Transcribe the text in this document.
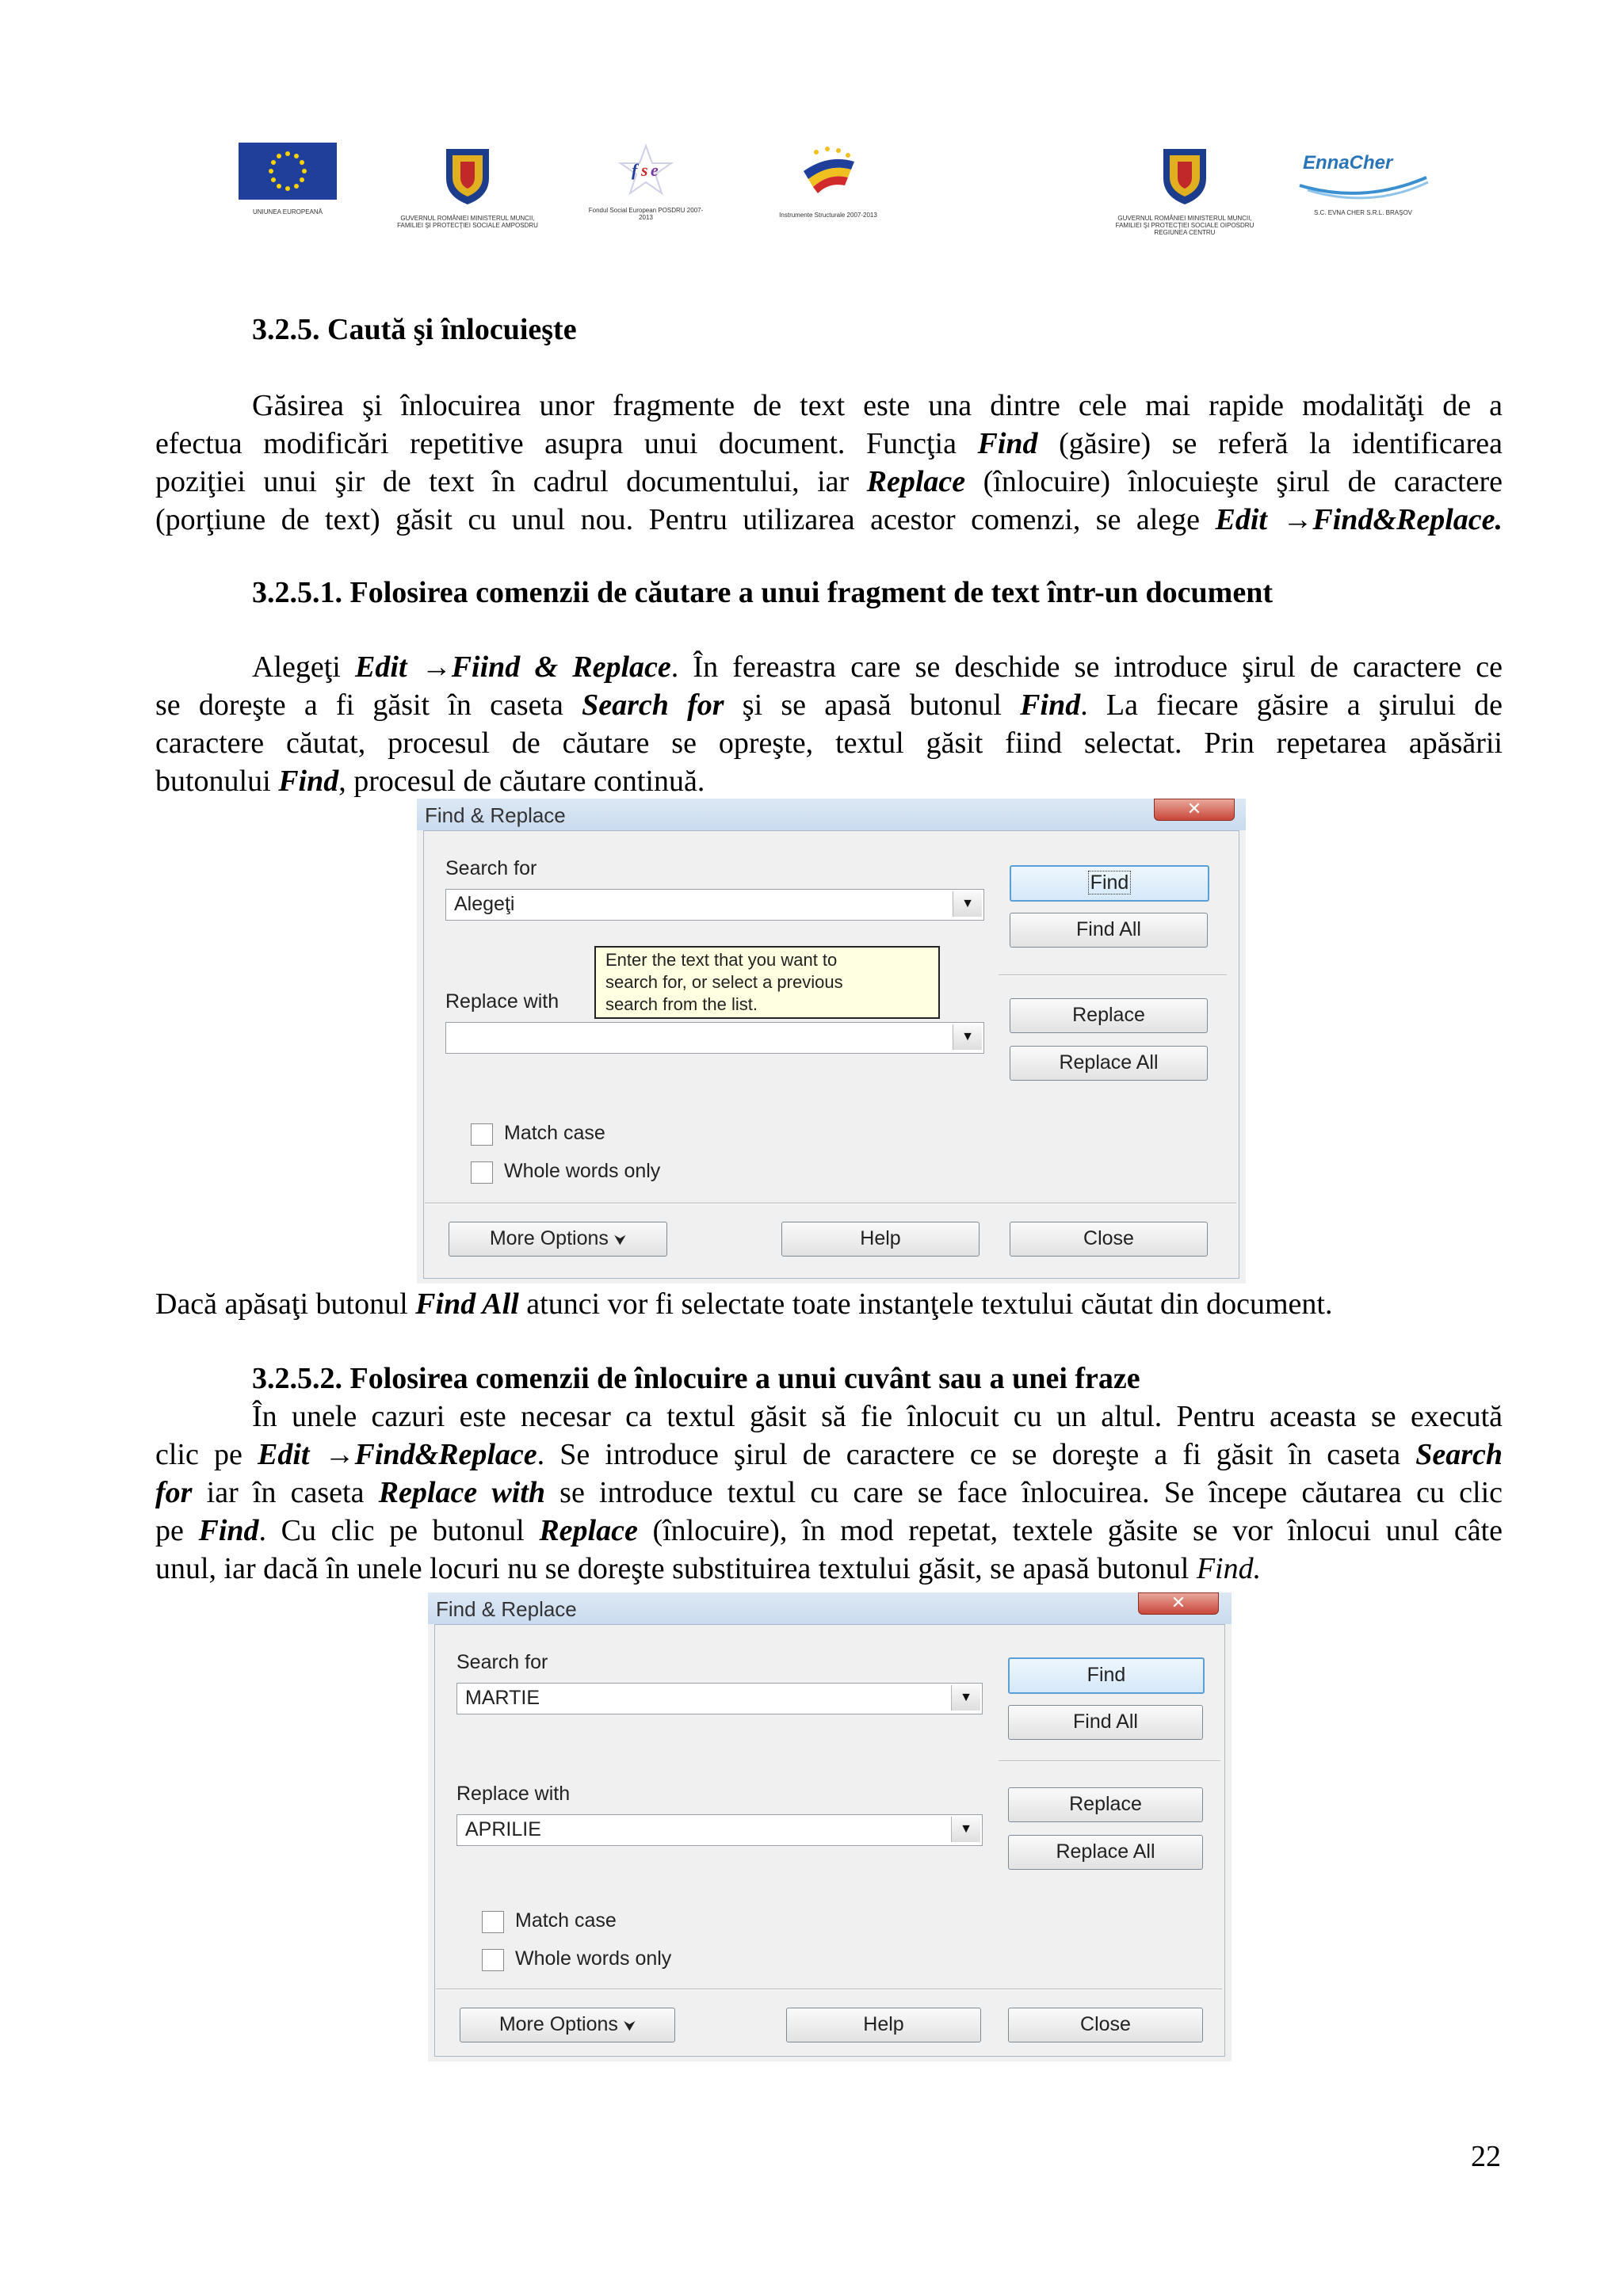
UNIUNEA EUROPEANĂ
GUVERNUL ROMÂNIEI MINISTERUL MUNCII, FAMILIEI ŞI PROTECŢIEI SOCIALE AMPOSDRU
f s e
Fondul Social European POSDRU 2007-2013	Instrumente Structurale 2007-2013	GUVERNUL ROMÂNIEI MINISTERUL MUNCII, FAMILIEI ŞI PROTECŢIEI SOCIALE OIPOSDRU REGIUNEA CENTRU
EnnaCher
S.C. EVNA CHER S.R.L. BRAŞOV
3.2.5. Caută şi înlocuieşte
Găsirea şi înlocuirea unor fragmente de text este una dintre cele mai rapide modalităţi de a
efectua modificări repetitive asupra unui document. Funcţia Find (găsire) se referă la identificarea
poziţiei unui şir de text în cadrul documentului, iar Replace (înlocuire) înlocuieşte şirul de caractere
(porţiune de text) găsit cu unul nou. Pentru utilizarea acestor comenzi, se alege Edit →Find&Replace.
3.2.5.1. Folosirea comenzii de căutare a unui fragment de text într-un document
Alegeţi Edit →Fiind & Replace. În fereastra care se deschide se introduce şirul de caractere ce
se doreşte a fi găsit în caseta Search for şi se apasă butonul Find. La fiecare găsire a şirului de
caractere căutat, procesul de căutare se opreşte, textul găsit fiind selectat. Prin repetarea apăsării
butonului Find, procesul de căutare continuă.
Find & Replace	✕
Search for
Alegeţi	▼
Replace with
▼
Enter the text that you want to
search for, or select a previous
search from the list.
Find
Find All
Replace
Replace All
Match case
Whole words only
More Options ⮟	Help	Close
Dacă apăsaţi butonul Find All atunci vor fi selectate toate instanţele textului căutat din document.
3.2.5.2. Folosirea comenzii de înlocuire a unui cuvânt sau a unei fraze
În unele cazuri este necesar ca textul găsit să fie înlocuit cu un altul. Pentru aceasta se execută
clic pe Edit →Find&Replace. Se introduce şirul de caractere ce se doreşte a fi găsit în caseta Search
for iar în caseta Replace with se introduce textul cu care se face înlocuirea. Se începe căutarea cu clic
pe Find. Cu clic pe butonul Replace (înlocuire), în mod repetat, textele găsite se vor înlocui unul câte
unul, iar dacă în unele locuri nu se doreşte substituirea textului găsit, se apasă butonul Find.
Find & Replace	✕
Search for
MARTIE	▼
Replace with
APRILIE	▼
Find
Find All
Replace
Replace All
Match case
Whole words only
More Options ⮟	Help	Close
22
